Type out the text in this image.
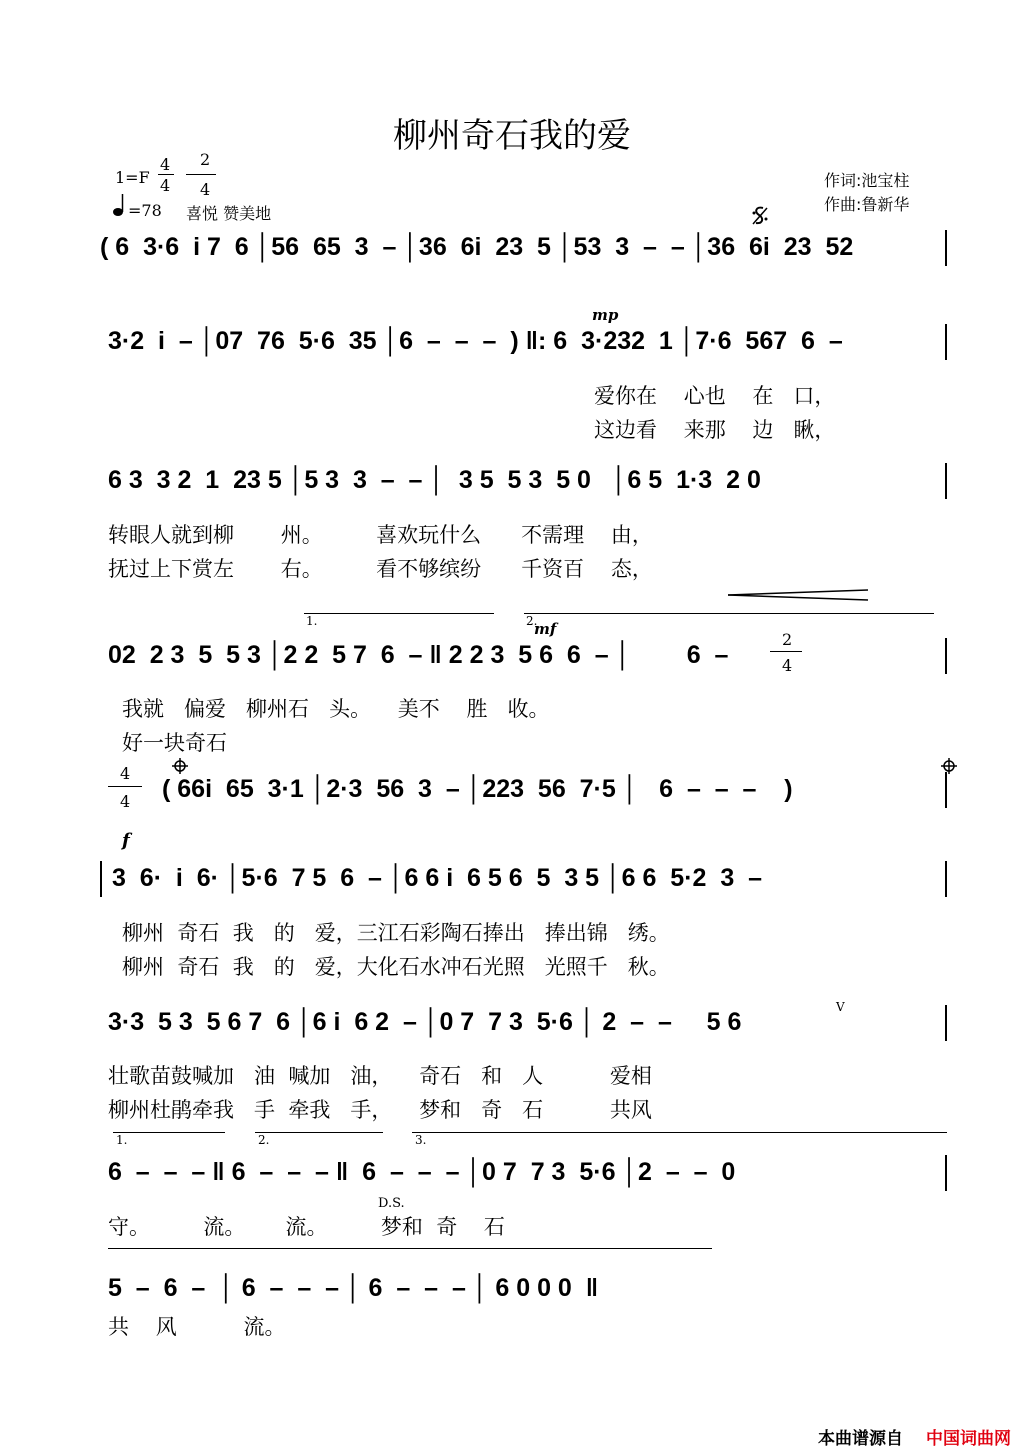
柳州奇石我的爱
1=F
4
4
2
4
=78 喜悦 赞美地
作词:池宝柱
作曲:鲁新华
( 6  3·6  i 7  6 │56  65  3  – │36  6i  23  5 │53  3  –  – │36  6i  23  52
3·2  i  – │07  76  5·6  35 │6  –  –  –  ) ‖: 6  3·232  1 │7·6  567  6  –
mp
爱你在    心也    在   口，
这边看    来那    边   瞅，
6 3  3 2  1  23 5 │5 3  3  –  – │  3 5  5 3  5 0   │6 5  1·3  2 0
转眼人就到柳       州。        喜欢玩什么      不需理    由，
抚过上下赏左       右。        看不够缤纷      千资百    态，
1.	2.
mf
02  2 3  5  5 3 │2 2  5 7  6  – ‖ 2 2 3  5 6  6  – │        6  –
2
4
我就   偏爱   柳州石   头。    美不    胜   收。
好一块奇石
4
4 ( 66i  65  3·1 │2·3  56  3  – │223  56  7·5 │   6  –  –  –    )
f
3  6·  i  6· │5·6  7 5  6  – │6 6 i  6 5 6  5  3 5 │6 6  5·2  3  –
柳州  奇石  我   的   爱，三江石彩陶石捧出   捧出锦   绣。
柳州  奇石  我   的   爱，大化石水冲石光照   光照千   秋。
V
3·3  5 3  5 6 7  6 │6 i  6 2  – │0 7  7 3  5·6 │ 2  –  –     5 6
壮歌苗鼓喊加   油  喊加   油，    奇石   和   人          爱相
柳州杜鹃牵我   手  牵我   手，    梦和   奇   石          共风
1.	2.	3.
6  –  –  – ‖ 6  –  –  – ‖  6  –  –  – │0 7  7 3  5·6 │2  –  –  0
D.S.
守。        流。      流。        梦和  奇    石
5  –  6  –  │ 6  –  –  – │ 6  –  –  – │ 6 0 0 0  ‖
共    风          流。
本曲谱源自 中国词曲网
